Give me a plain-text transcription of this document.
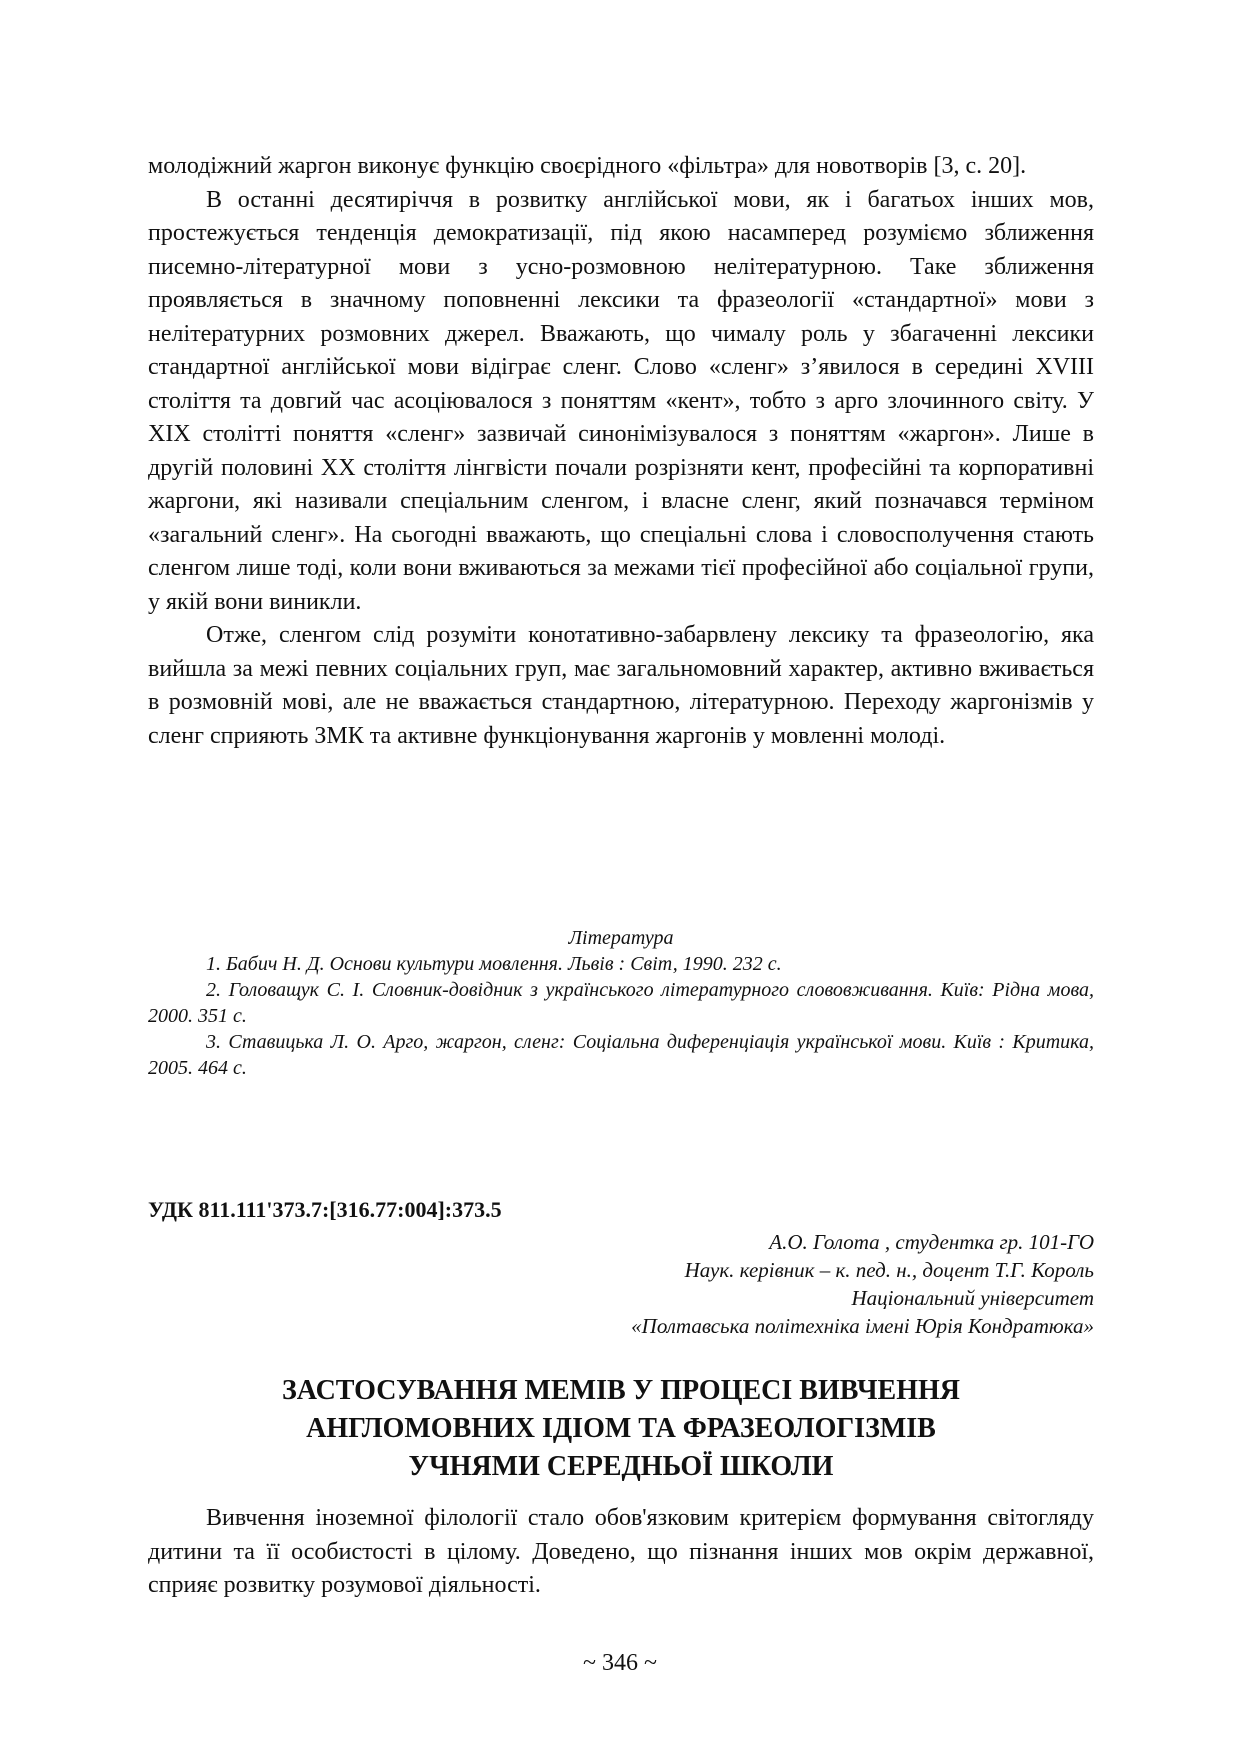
молодіжний жаргон виконує функцію своєрідного «фільтра» для новотворів [3, с. 20].

В останні десятиріччя в розвитку англійської мови, як і багатьох інших мов, простежується тенденція демократизації, під якою насамперед розуміємо зближення писемно-літературної мови з усно-розмовною нелітературною. Таке зближення проявляється в значному поповненні лексики та фразеології «стандартної» мови з нелітературних розмовних джерел. Вважають, що чималу роль у збагаченні лексики стандартної англійської мови відіграє сленг. Слово «сленг» з’явилося в середині XVIII століття та довгий час асоціювалося з поняттям «кент», тобто з арго злочинного світу. У XIX столітті поняття «сленг» зазвичай синонімізувалося з поняттям «жаргон». Лише в другій половині XX століття лінгвісти почали розрізняти кент, професійні та корпоративні жаргони, які називали спеціальним сленгом, і власне сленг, який позначався терміном «загальний сленг». На сьогодні вважають, що спеціальні слова і словосполучення стають сленгом лише тоді, коли вони вживаються за межами тієї професійної або соціальної групи, у якій вони виникли.

Отже, сленгом слід розуміти конотативно-забарвлену лексику та фразеологію, яка вийшла за межі певних соціальних груп, має загальномовний характер, активно вживається в розмовній мові, але не вважається стандартною, літературною. Переходу жаргонізмів у сленг сприяють ЗМК та активне функціонування жаргонів у мовленні молоді.

Література

1. Бабич Н. Д. Основи культури мовлення. Львів : Світ, 1990. 232 с.

2. Головащук С. І. Словник-довідник з українського літературного слововживання. Київ: Рідна мова, 2000. 351 с.

3. Ставицька Л. О. Арго, жаргон, сленг: Соціальна диференціація української мови. Київ : Критика, 2005. 464 с.

УДК 811.111'373.7:[316.77:004]:373.5

А.О. Голота , студентка гр. 101-ГО

Наук. керівник – к. пед. н., доцент Т.Г. Король

Національний університет

«Полтавська політехніка імені Юрія Кондратюка»

ЗАСТОСУВАННЯ МЕМІВ У ПРОЦЕСІ ВИВЧЕННЯ

АНГЛОМОВНИХ ІДІОМ ТА ФРАЗЕОЛОГІЗМІВ

УЧНЯМИ СЕРЕДНЬОЇ ШКОЛИ

Вивчення іноземної філології стало обов'язковим критерієм формування світогляду дитини та її особистості в цілому. Доведено, що пізнання інших мов окрім державної, сприяє розвитку розумової діяльності.

~ 346 ~
